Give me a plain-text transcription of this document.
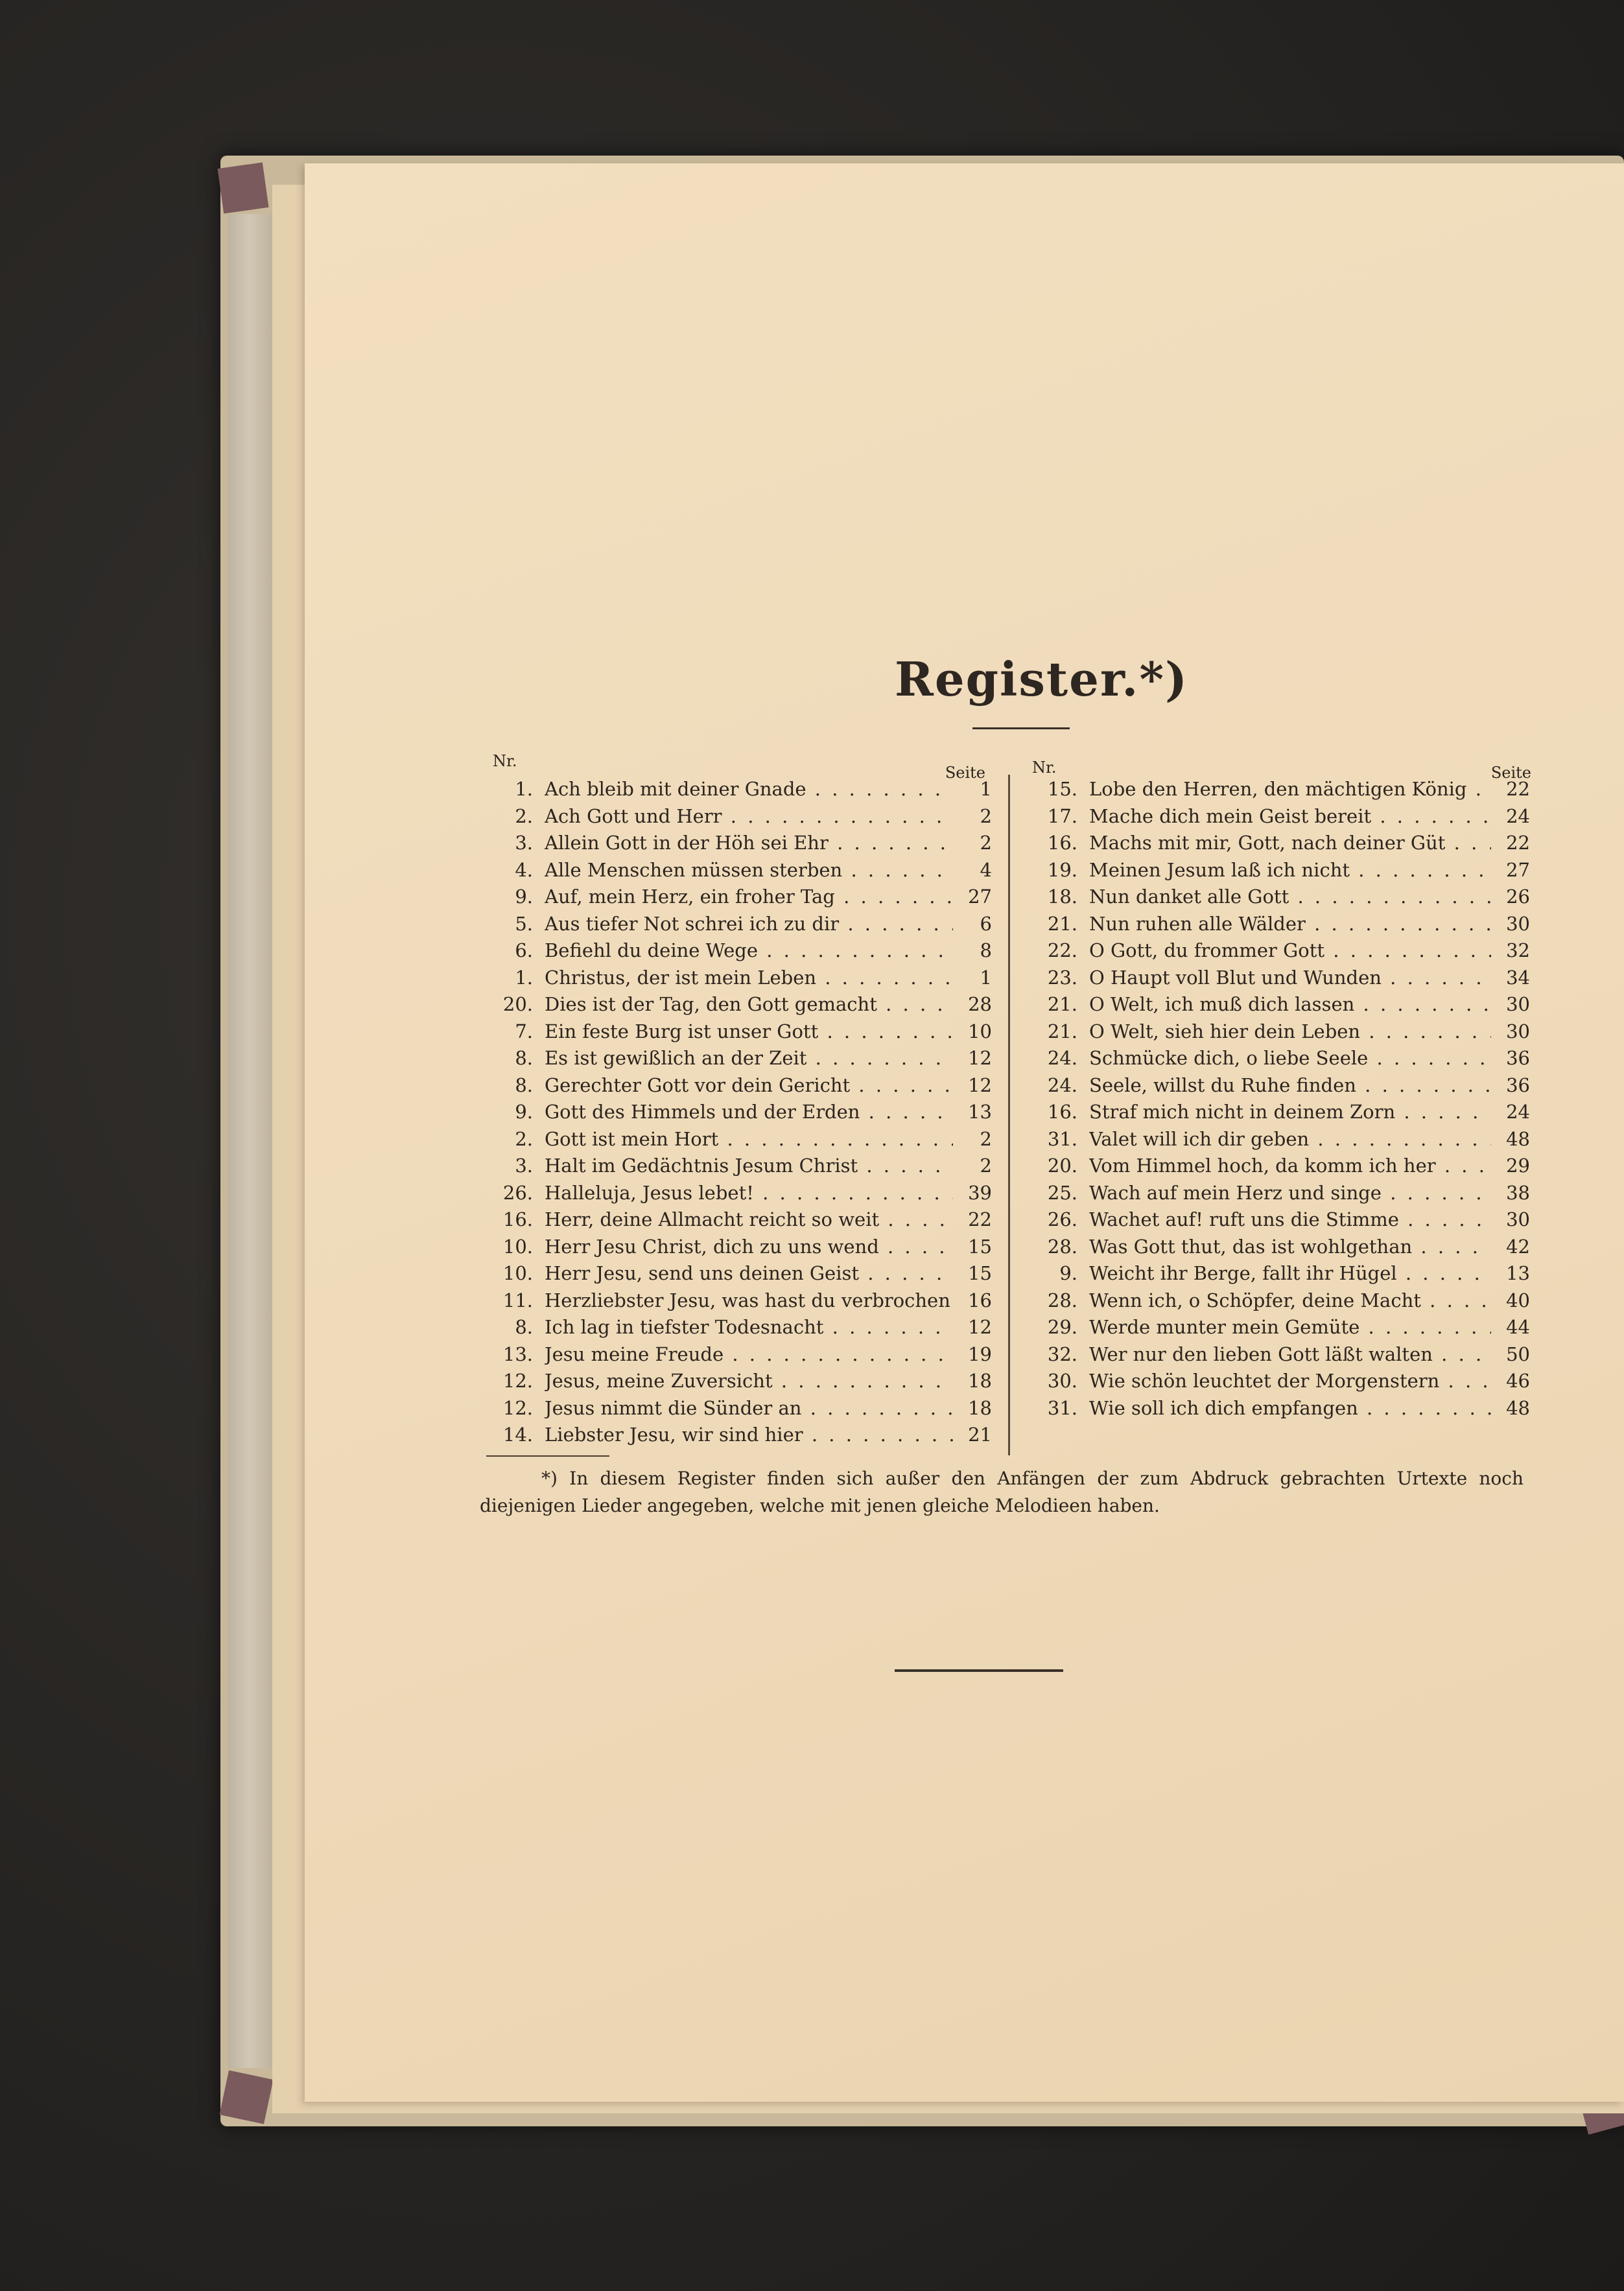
Register.*)
Nr.
Seite
1. Ach bleib mit deiner Gnade . . .	1
2. Ach Gott und Herr . . .	2
3. Allein Gott in der Höh sei Ehr . . .	2
4. Alle Menschen müssen sterben . . .	4
9. Auf, mein Herz, ein froher Tag . . .	27
5. Aus tiefer Not schrei ich zu dir . . .	6
6. Befiehl du deine Wege . . .	8
1. Christus, der ist mein Leben . . .	1
20. Dies ist der Tag, den Gott gemacht . . .	28
7. Ein feste Burg ist unser Gott . . .	10
8. Es ist gewißlich an der Zeit . . .	12
8. Gerechter Gott vor dein Gericht . . .	12
9. Gott des Himmels und der Erden . . .	13
2. Gott ist mein Hort . . .	2
3. Halt im Gedächtnis Jesum Christ . . .	2
26. Halleluja, Jesus lebet! . . .	39
16. Herr, deine Allmacht reicht so weit . . .	22
10. Herr Jesu Christ, dich zu uns wend . . .	15
10. Herr Jesu, send uns deinen Geist . . .	15
11. Herzliebster Jesu, was hast du verbrochen . . . 16
8. Ich lag in tiefster Todesnacht . . .	12
13. Jesu meine Freude . . .	19
12. Jesus, meine Zuversicht . . .	18
12. Jesus nimmt die Sünder an . . .	18
14. Liebster Jesu, wir sind hier . . .	21
Nr.	Seite
15. Lobe den Herren, den mächtigen König . . .	22
17. Mache dich mein Geist bereit . . .	24
16. Machs mit mir, Gott, nach deiner Güt . . .	22
19. Meinen Jesum laß ich nicht . . .	27
18. Nun danket alle Gott . . .	26
21. Nun ruhen alle Wälder . . .	30
22. O Gott, du frommer Gott . . .	32
23. O Haupt voll Blut und Wunden . . .	34
21. O Welt, ich muß dich lassen . . .	30
21. O Welt, sieh hier dein Leben . . .	30
24. Schmücke dich, o liebe Seele . . .	36
24. Seele, willst du Ruhe finden . . .	36
16. Straf mich nicht in deinem Zorn . . .	24
31. Valet will ich dir geben . . .	48
20. Vom Himmel hoch, da komm ich her . . .	29
25. Wach auf mein Herz und singe . . .	38
26. Wachet auf! ruft uns die Stimme . . .	30
28. Was Gott thut, das ist wohlgethan . . .	42
9. Weicht ihr Berge, fallt ihr Hügel . . .	13
28. Wenn ich, o Schöpfer, deine Macht . . .	40
29. Werde munter mein Gemüte . . .	44
32. Wer nur den lieben Gott läßt walten . . .	50
30. Wie schön leuchtet der Morgenstern . . .	46
31. Wie soll ich dich empfangen . . .	48
*) In diesem Register finden sich außer den Anfängen der zum Abdruck gebrachten Urtexte noch diejenigen Lieder angegeben, welche mit jenen gleiche Melodieen haben.
